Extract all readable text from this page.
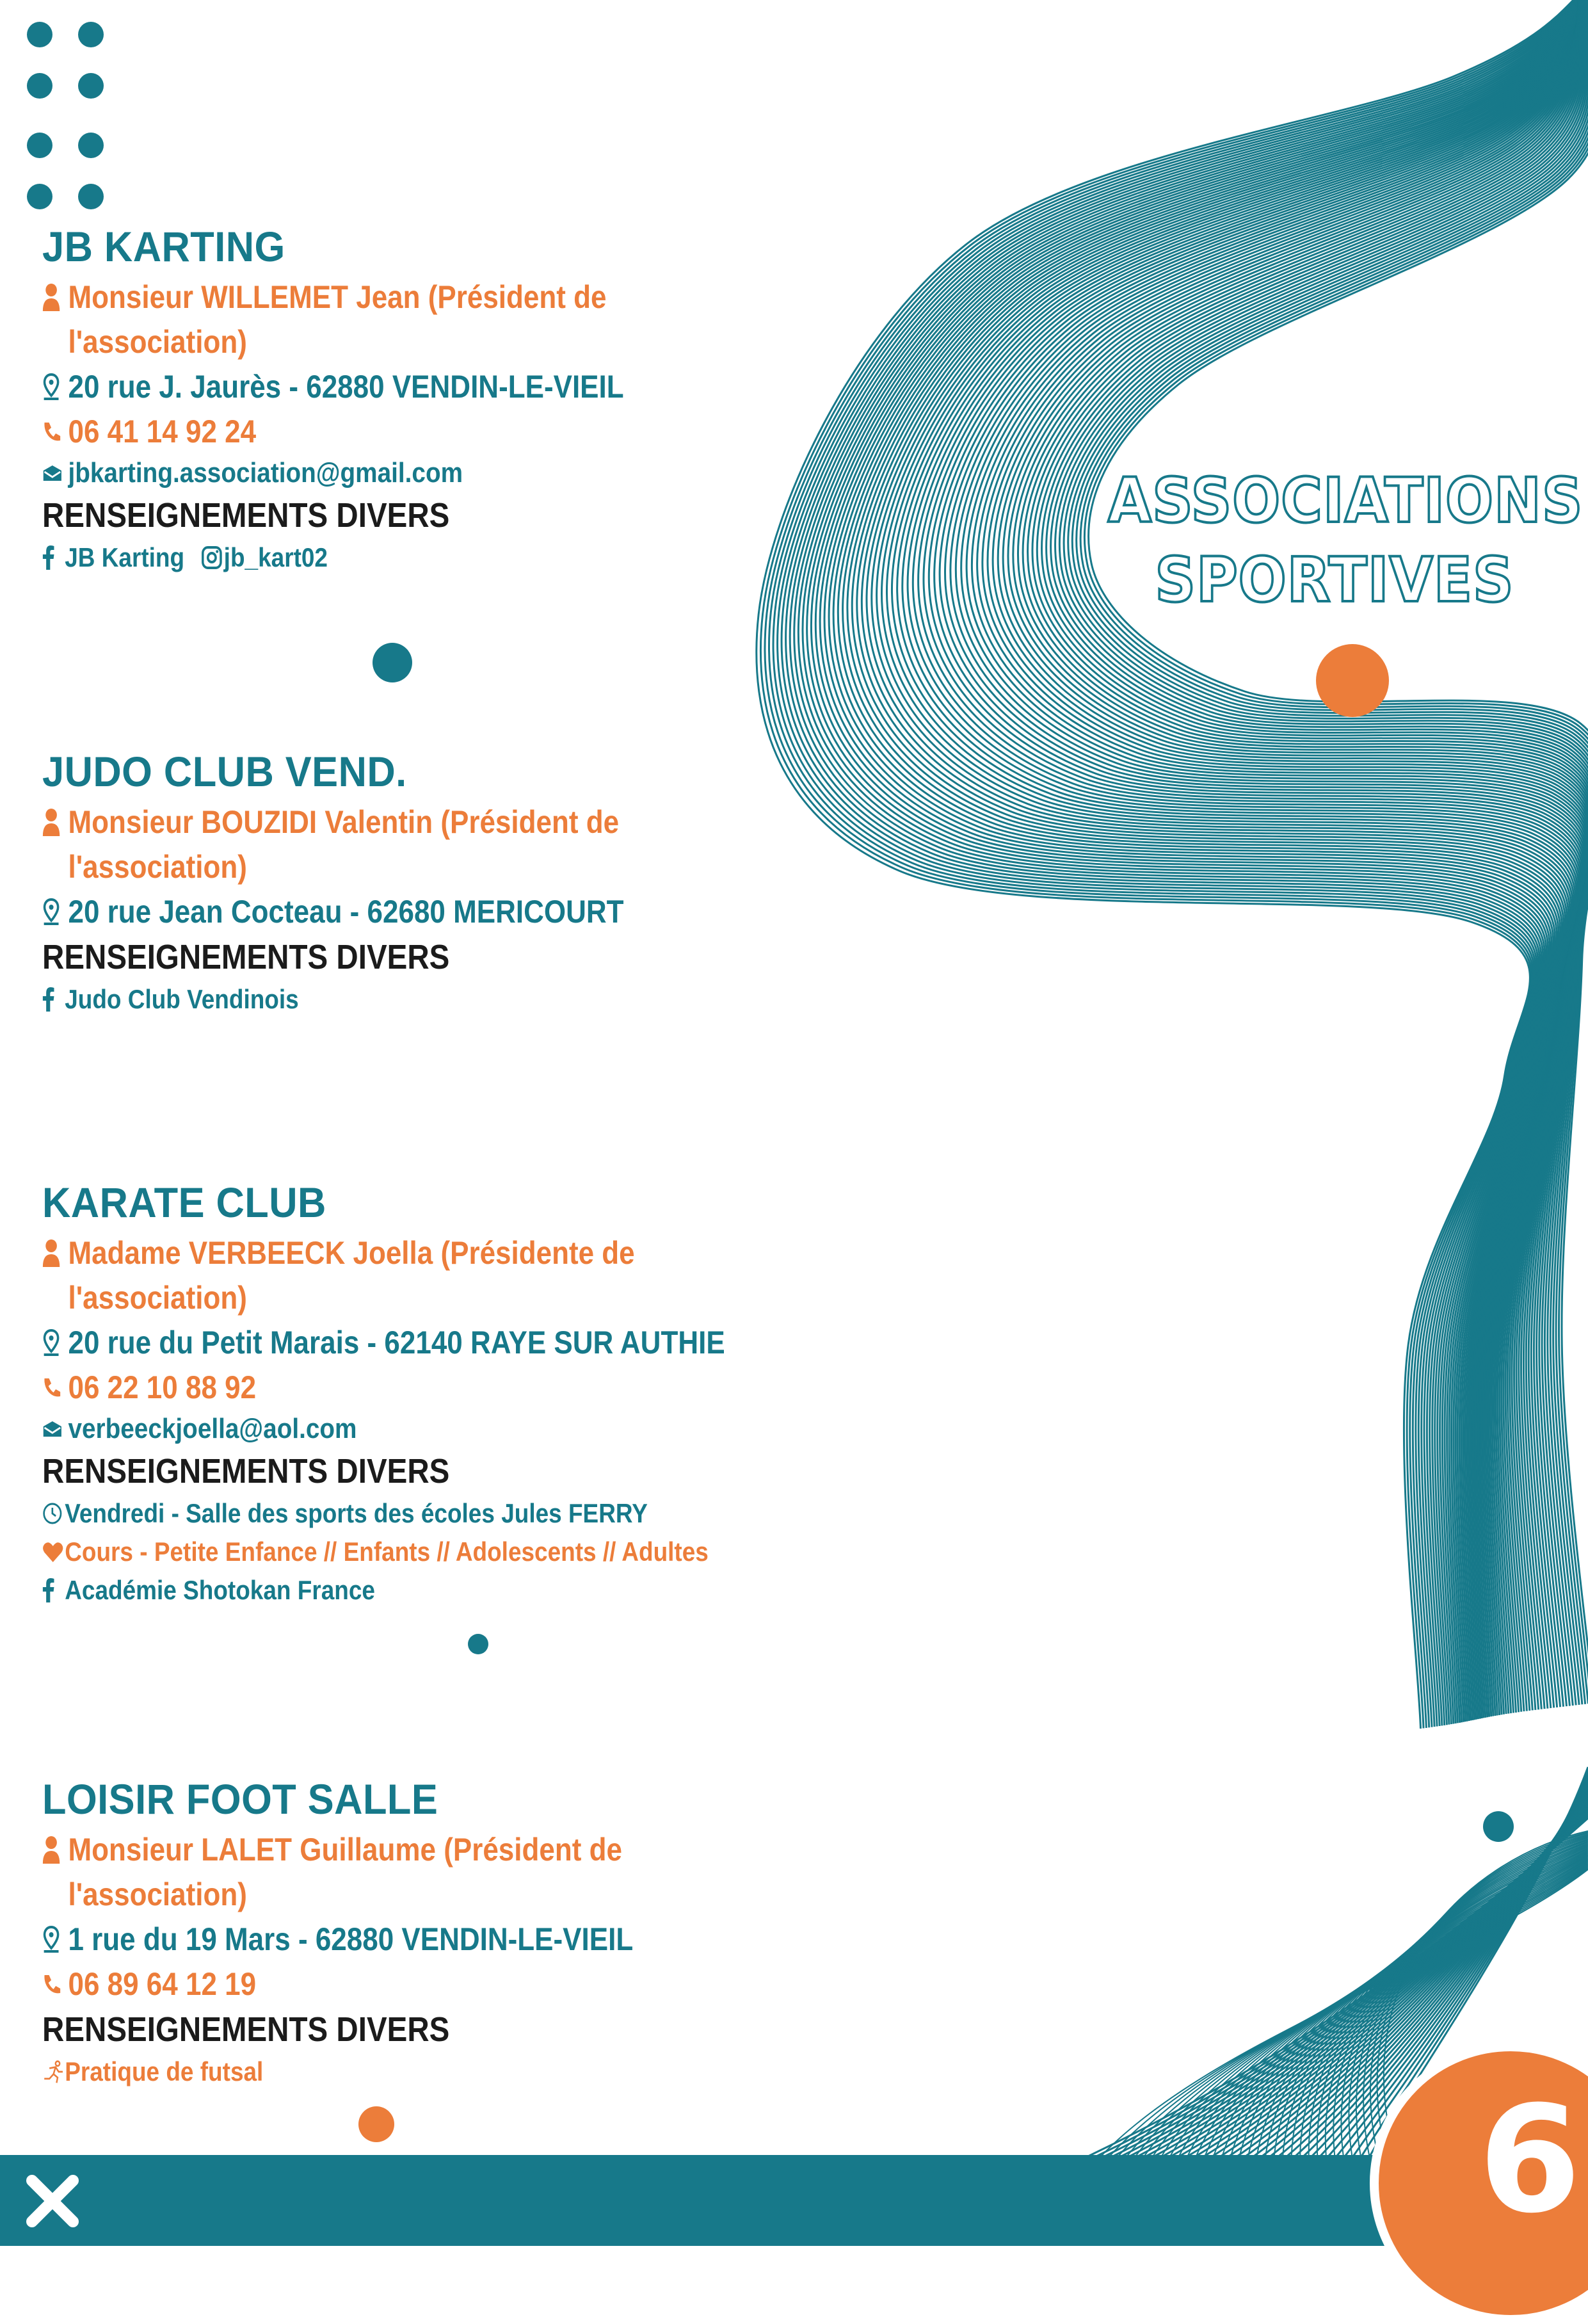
ASSOCIATIONS
SPORTIVES
JB KARTING
Monsieur WILLEMET Jean (Président de l'association)
20 rue J. Jaurès - 62880 VENDIN-LE-VIEIL
06 41 14 92 24
jbkarting.association@gmail.com
RENSEIGNEMENTS DIVERS
JB Karting jb_kart02
JUDO CLUB VEND.
Monsieur BOUZIDI Valentin (Président de l'association)
20 rue Jean Cocteau - 62680 MERICOURT
RENSEIGNEMENTS DIVERS
Judo Club Vendinois
KARATE CLUB
Madame VERBEECK Joella (Présidente de l'association)
20 rue du Petit Marais - 62140 RAYE SUR AUTHIE
06 22 10 88 92
verbeeckjoella@aol.com
RENSEIGNEMENTS DIVERS
Vendredi - Salle des sports des écoles Jules FERRY
Cours - Petite Enfance // Enfants // Adolescents // Adultes
Académie Shotokan France
LOISIR FOOT SALLE
Monsieur LALET Guillaume (Président de l'association)
1 rue du 19 Mars - 62880 VENDIN-LE-VIEIL
06 89 64 12 19
RENSEIGNEMENTS DIVERS
Pratique de futsal
6
